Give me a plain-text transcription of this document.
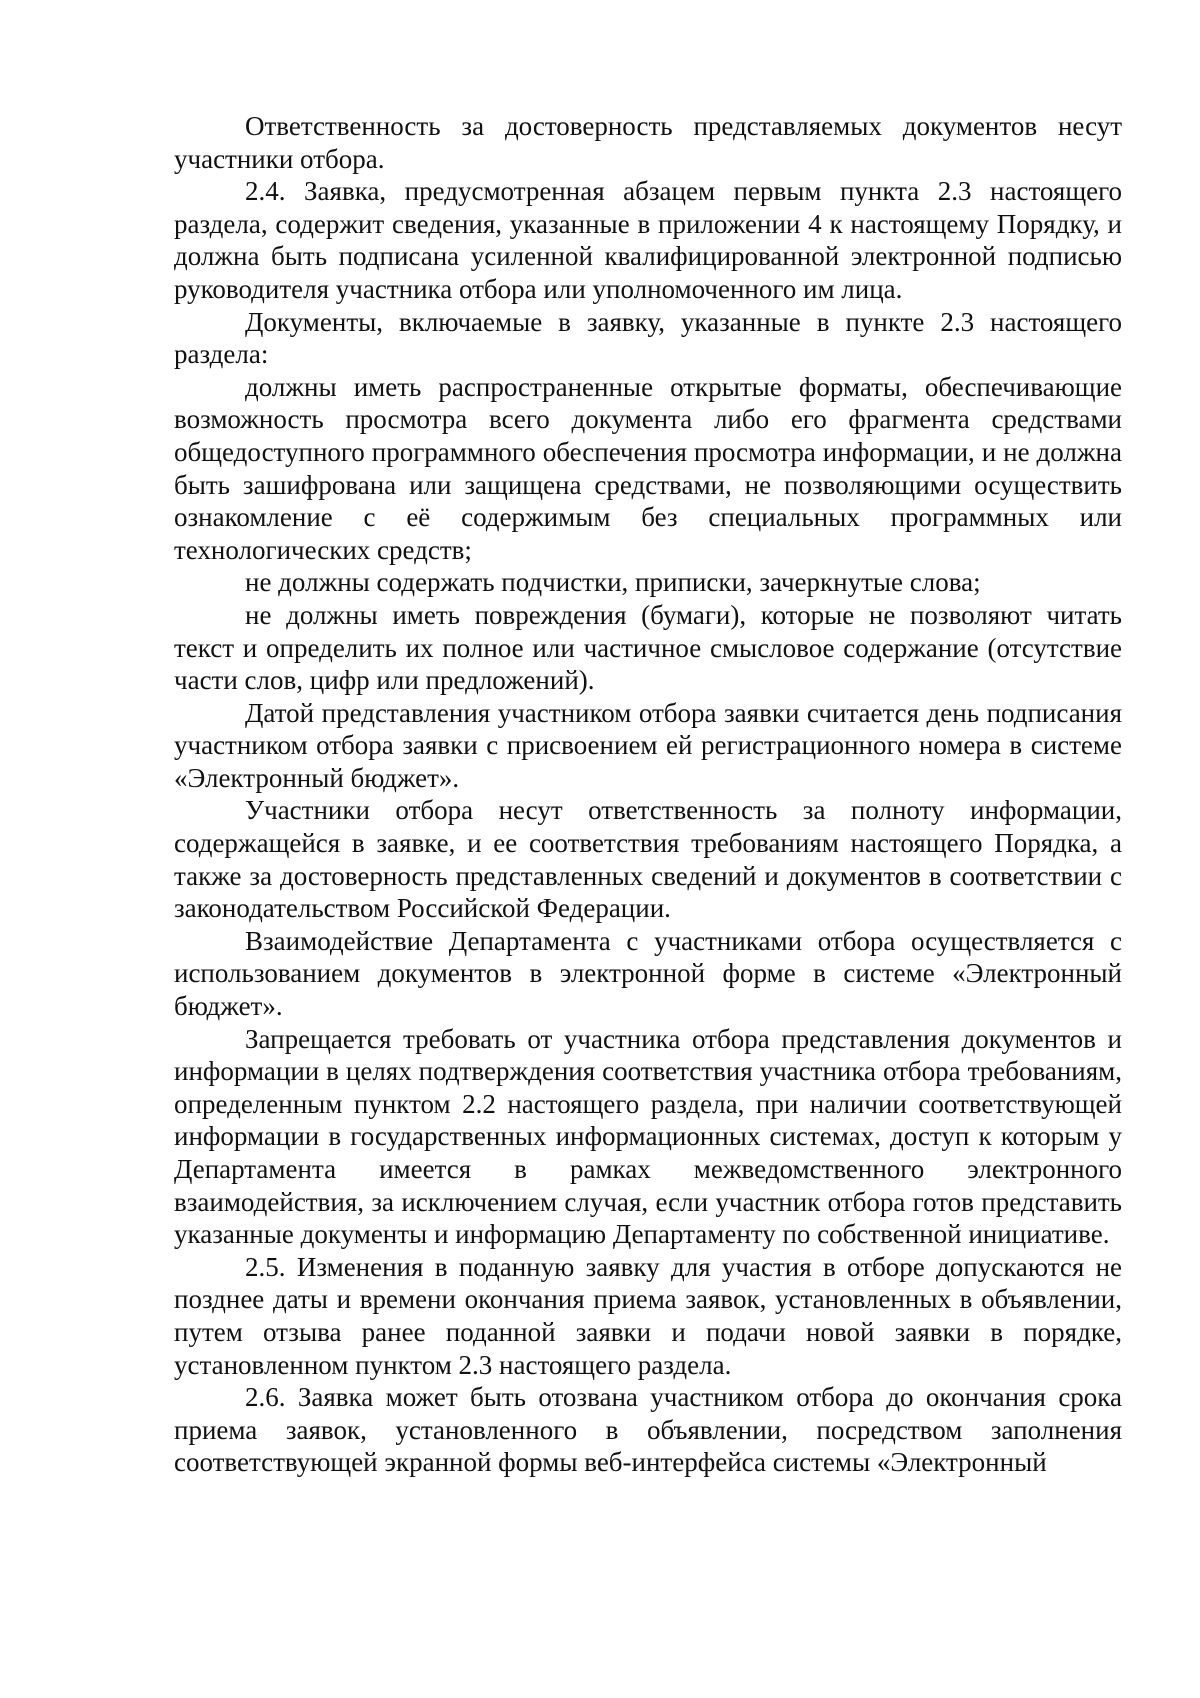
Ответственность за достоверность представляемых документов несут участники отбора.

2.4. Заявка, предусмотренная абзацем первым пункта 2.3 настоящего раздела, содержит сведения, указанные в приложении 4 к настоящему Порядку, и должна быть подписана усиленной квалифицированной электронной подписью руководителя участника отбора или уполномоченного им лица.

Документы, включаемые в заявку, указанные в пункте 2.3 настоящего раздела:

должны иметь распространенные открытые форматы, обеспечивающие возможность просмотра всего документа либо его фрагмента средствами общедоступного программного обеспечения просмотра информации, и не должна быть зашифрована или защищена средствами, не позволяющими осуществить ознакомление с её содержимым без специальных программных или технологических средств;

не должны содержать подчистки, приписки, зачеркнутые слова;

не должны иметь повреждения (бумаги), которые не позволяют читать текст и определить их полное или частичное смысловое содержание (отсутствие части слов, цифр или предложений).

Датой представления участником отбора заявки считается день подписания участником отбора заявки с присвоением ей регистрационного номера в системе «Электронный бюджет».

Участники отбора несут ответственность за полноту информации, содержащейся в заявке, и ее соответствия требованиям настоящего Порядка, а также за достоверность представленных сведений и документов в соответствии с законодательством Российской Федерации.

Взаимодействие Департамента с участниками отбора осуществляется с использованием документов в электронной форме в системе «Электронный бюджет».

Запрещается требовать от участника отбора представления документов и информации в целях подтверждения соответствия участника отбора требованиям, определенным пунктом 2.2 настоящего раздела, при наличии соответствующей информации в государственных информационных системах, доступ к которым у Департамента имеется в рамках межведомственного электронного взаимодействия, за исключением случая, если участник отбора готов представить указанные документы и информацию Департаменту по собственной инициативе.

2.5. Изменения в поданную заявку для участия в отборе допускаются не позднее даты и времени окончания приема заявок, установленных в объявлении, путем отзыва ранее поданной заявки и подачи новой заявки в порядке, установленном пунктом 2.3 настоящего раздела.

2.6. Заявка может быть отозвана участником отбора до окончания срока приема заявок, установленного в объявлении, посредством заполнения соответствующей экранной формы веб-интерфейса системы «Электронный
